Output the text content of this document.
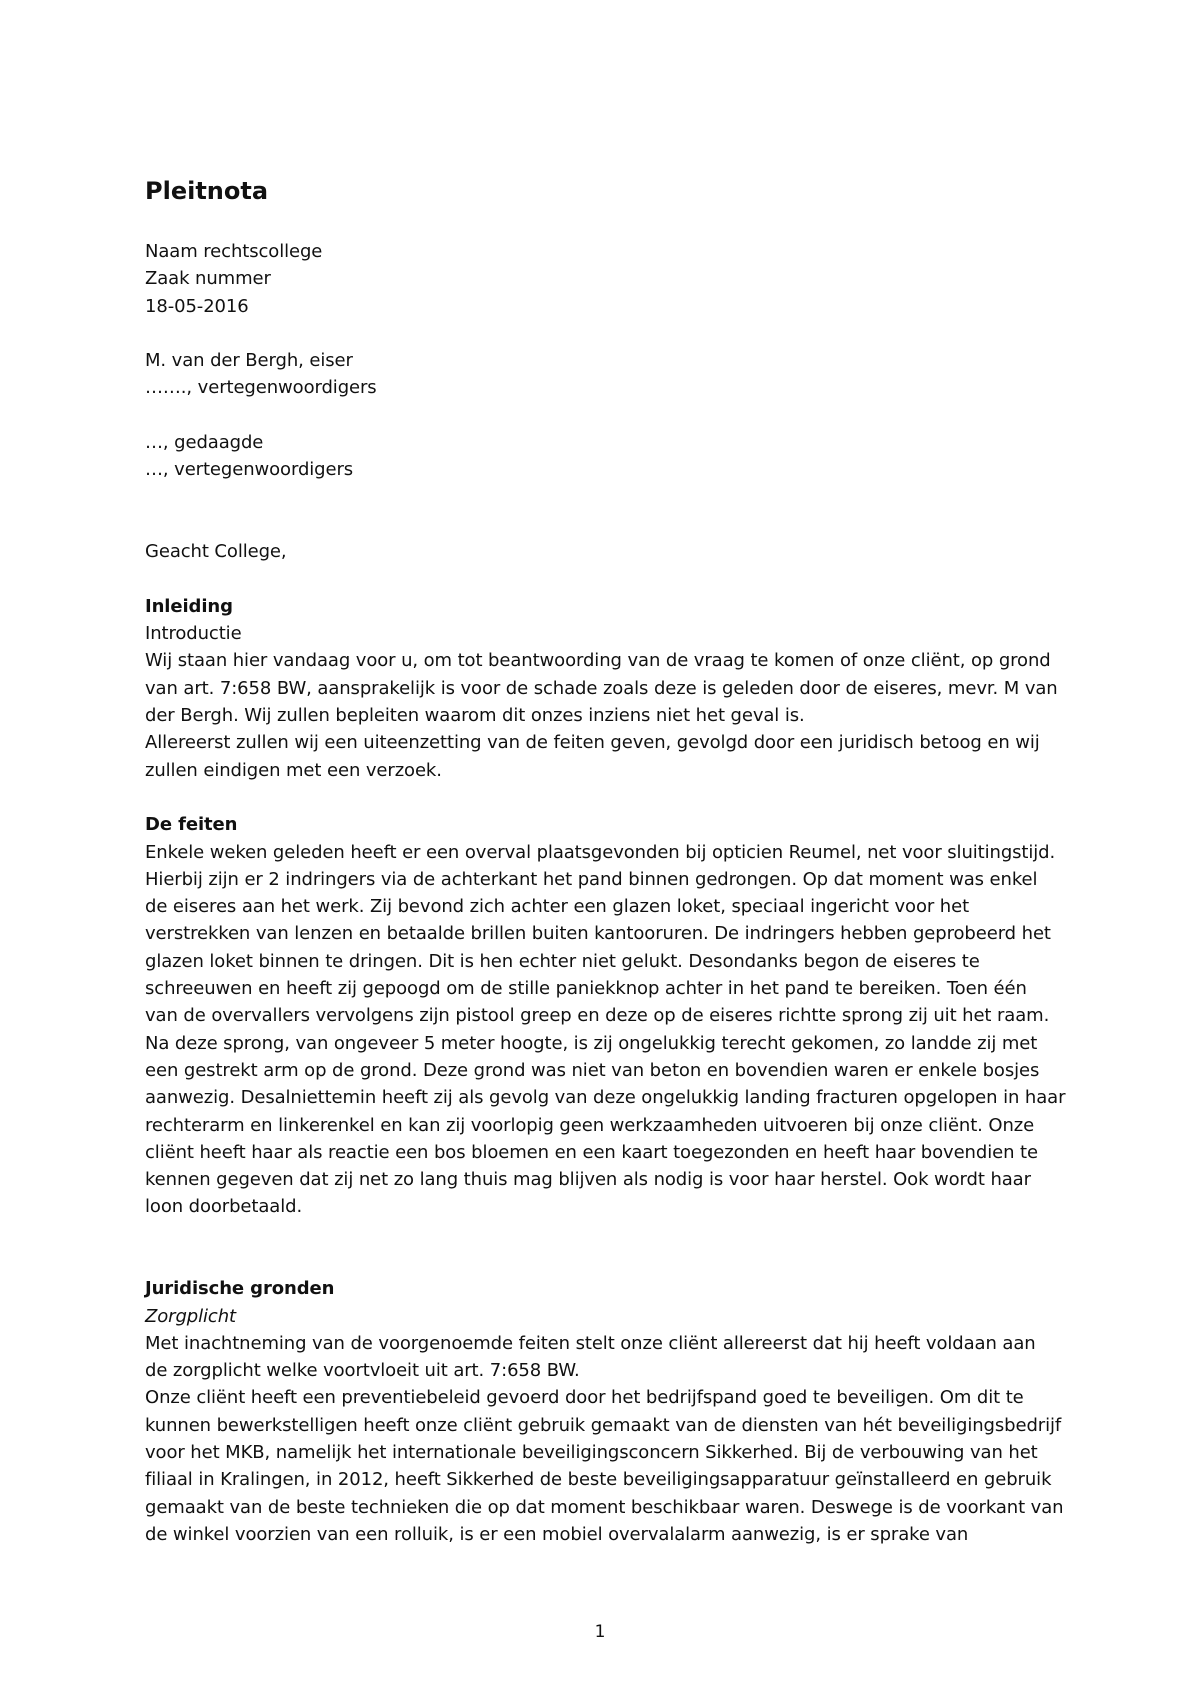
Pleitnota
Naam rechtscollege
Zaak nummer
18-05-2016
M. van der Bergh, eiser
……., vertegenwoordigers
…, gedaagde
…, vertegenwoordigers
Geacht College,
Inleiding
Introductie
Wij staan hier vandaag voor u, om tot beantwoording van de vraag te komen of onze cliënt, op grond
van art. 7:658 BW, aansprakelijk is voor de schade zoals deze is geleden door de eiseres, mevr. M van
der Bergh. Wij zullen bepleiten waarom dit onzes inziens niet het geval is.
Allereerst zullen wij een uiteenzetting van de feiten geven, gevolgd door een juridisch betoog en wij
zullen eindigen met een verzoek.
De feiten
Enkele weken geleden heeft er een overval plaatsgevonden bij opticien Reumel, net voor sluitingstijd.
Hierbij zijn er 2 indringers via de achterkant het pand binnen gedrongen. Op dat moment was enkel
de eiseres aan het werk. Zij bevond zich achter een glazen loket, speciaal ingericht voor het
verstrekken van lenzen en betaalde brillen buiten kantooruren. De indringers hebben geprobeerd het
glazen loket binnen te dringen. Dit is hen echter niet gelukt. Desondanks begon de eiseres te
schreeuwen en heeft zij gepoogd om de stille paniekknop achter in het pand te bereiken. Toen één
van de overvallers vervolgens zijn pistool greep en deze op de eiseres richtte sprong zij uit het raam.
Na deze sprong, van ongeveer 5 meter hoogte, is zij ongelukkig terecht gekomen, zo landde zij met
een gestrekt arm op de grond. Deze grond was niet van beton en bovendien waren er enkele bosjes
aanwezig. Desalniettemin heeft zij als gevolg van deze ongelukkig landing fracturen opgelopen in haar
rechterarm en linkerenkel en kan zij voorlopig geen werkzaamheden uitvoeren bij onze cliënt. Onze
cliënt heeft haar als reactie een bos bloemen en een kaart toegezonden en heeft haar bovendien te
kennen gegeven dat zij net zo lang thuis mag blijven als nodig is voor haar herstel. Ook wordt haar
loon doorbetaald.
Juridische gronden
Zorgplicht
Met inachtneming van de voorgenoemde feiten stelt onze cliënt allereerst dat hij heeft voldaan aan
de zorgplicht welke voortvloeit uit art. 7:658 BW.
Onze cliënt heeft een preventiebeleid gevoerd door het bedrijfspand goed te beveiligen. Om dit te
kunnen bewerkstelligen heeft onze cliënt gebruik gemaakt van de diensten van hét beveiligingsbedrijf
voor het MKB, namelijk het internationale beveiligingsconcern Sikkerhed. Bij de verbouwing van het
filiaal in Kralingen, in 2012, heeft Sikkerhed de beste beveiligingsapparatuur geïnstalleerd en gebruik
gemaakt van de beste technieken die op dat moment beschikbaar waren. Deswege is de voorkant van
de winkel voorzien van een rolluik, is er een mobiel overvalalarm aanwezig, is er sprake van
1
